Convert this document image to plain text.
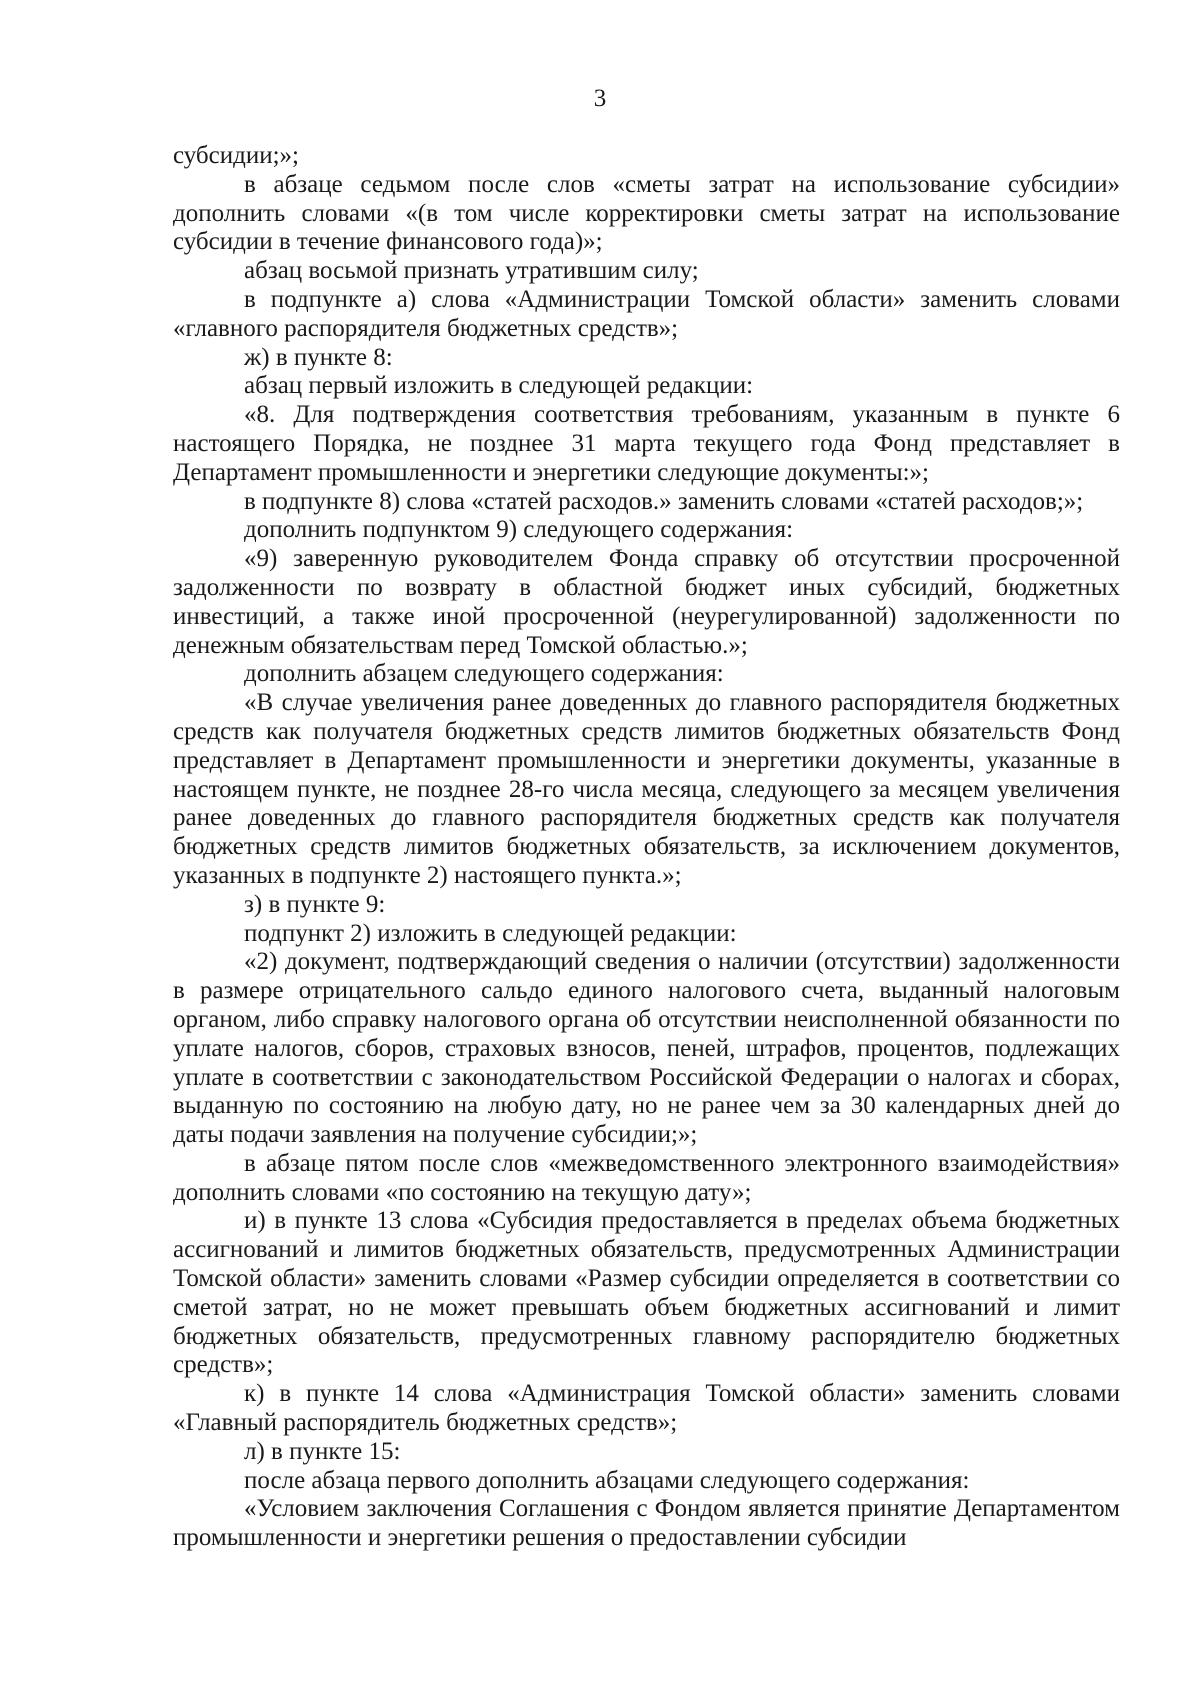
3

субсидии;»;

в абзаце седьмом после слов «сметы затрат на использование субсидии» дополнить словами «(в том числе корректировки сметы затрат на использование субсидии в течение финансового года)»;

абзац восьмой признать утратившим силу;

в подпункте а) слова «Администрации Томской области» заменить словами «главного распорядителя бюджетных средств»;

ж) в пункте 8:

абзац первый изложить в следующей редакции:

«8. Для подтверждения соответствия требованиям, указанным в пункте 6 настоящего Порядка, не позднее 31 марта текущего года Фонд представляет в Департамент промышленности и энергетики следующие документы:»;

в подпункте 8) слова «статей расходов.» заменить словами «статей расходов;»;

дополнить подпунктом 9) следующего содержания:

«9) заверенную руководителем Фонда справку об отсутствии просроченной задолженности по возврату в областной бюджет иных субсидий, бюджетных инвестиций, а также иной просроченной (неурегулированной) задолженности по денежным обязательствам перед Томской областью.»;

дополнить абзацем следующего содержания:

«В случае увеличения ранее доведенных до главного распорядителя бюджетных средств как получателя бюджетных средств лимитов бюджетных обязательств Фонд представляет в Департамент промышленности и энергетики документы, указанные в настоящем пункте, не позднее 28-го числа месяца, следующего за месяцем увеличения ранее доведенных до главного распорядителя бюджетных средств как получателя бюджетных средств лимитов бюджетных обязательств, за исключением документов, указанных в подпункте 2) настоящего пункта.»;

з) в пункте 9:

подпункт 2) изложить в следующей редакции:

«2) документ, подтверждающий сведения о наличии (отсутствии) задолженности в размере отрицательного сальдо единого налогового счета, выданный налоговым органом, либо справку налогового органа об отсутствии неисполненной обязанности по уплате налогов, сборов, страховых взносов, пеней, штрафов, процентов, подлежащих уплате в соответствии с законодательством Российской Федерации о налогах и сборах, выданную по состоянию на любую дату, но не ранее чем за 30 календарных дней до даты подачи заявления на получение субсидии;»;

в абзаце пятом после слов «межведомственного электронного взаимодействия» дополнить словами «по состоянию на текущую дату»;

и) в пункте 13 слова «Субсидия предоставляется в пределах объема бюджетных ассигнований и лимитов бюджетных обязательств, предусмотренных Администрации Томской области» заменить словами «Размер субсидии определяется в соответствии со сметой затрат, но не может превышать объем бюджетных ассигнований и лимит бюджетных обязательств, предусмотренных главному распорядителю бюджетных средств»;

к) в пункте 14 слова «Администрация Томской области» заменить словами «Главный распорядитель бюджетных средств»;

л) в пункте 15:

после абзаца первого дополнить абзацами следующего содержания:

«Условием заключения Соглашения с Фондом является принятие Департаментом промышленности и энергетики решения о предоставлении субсидии
